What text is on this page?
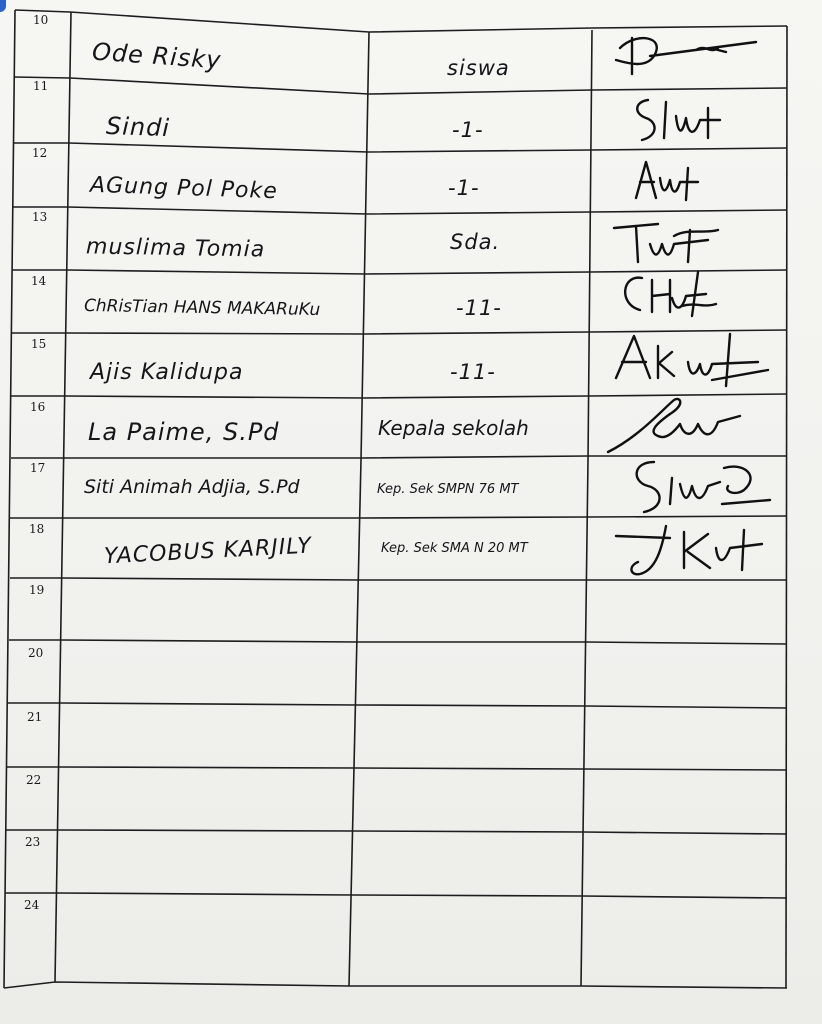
10
11
12
13
14
15
16
17
18
19
20
21
22
23
24
Ode Risky
Sindi
AGung Pol Poke
muslima Tomia
ChRisTian HANS MAKARuKu
Ajis Kalidupa
La Paime, S.Pd
Siti Animah Adjia, S.Pd
YACOBUS KARJILY
siswa
-1-
-1-
Sda.
-11-
-11-
Kepala sekolah
Kep. Sek SMPN 76 MT
Kep. Sek SMA N 20 MT
